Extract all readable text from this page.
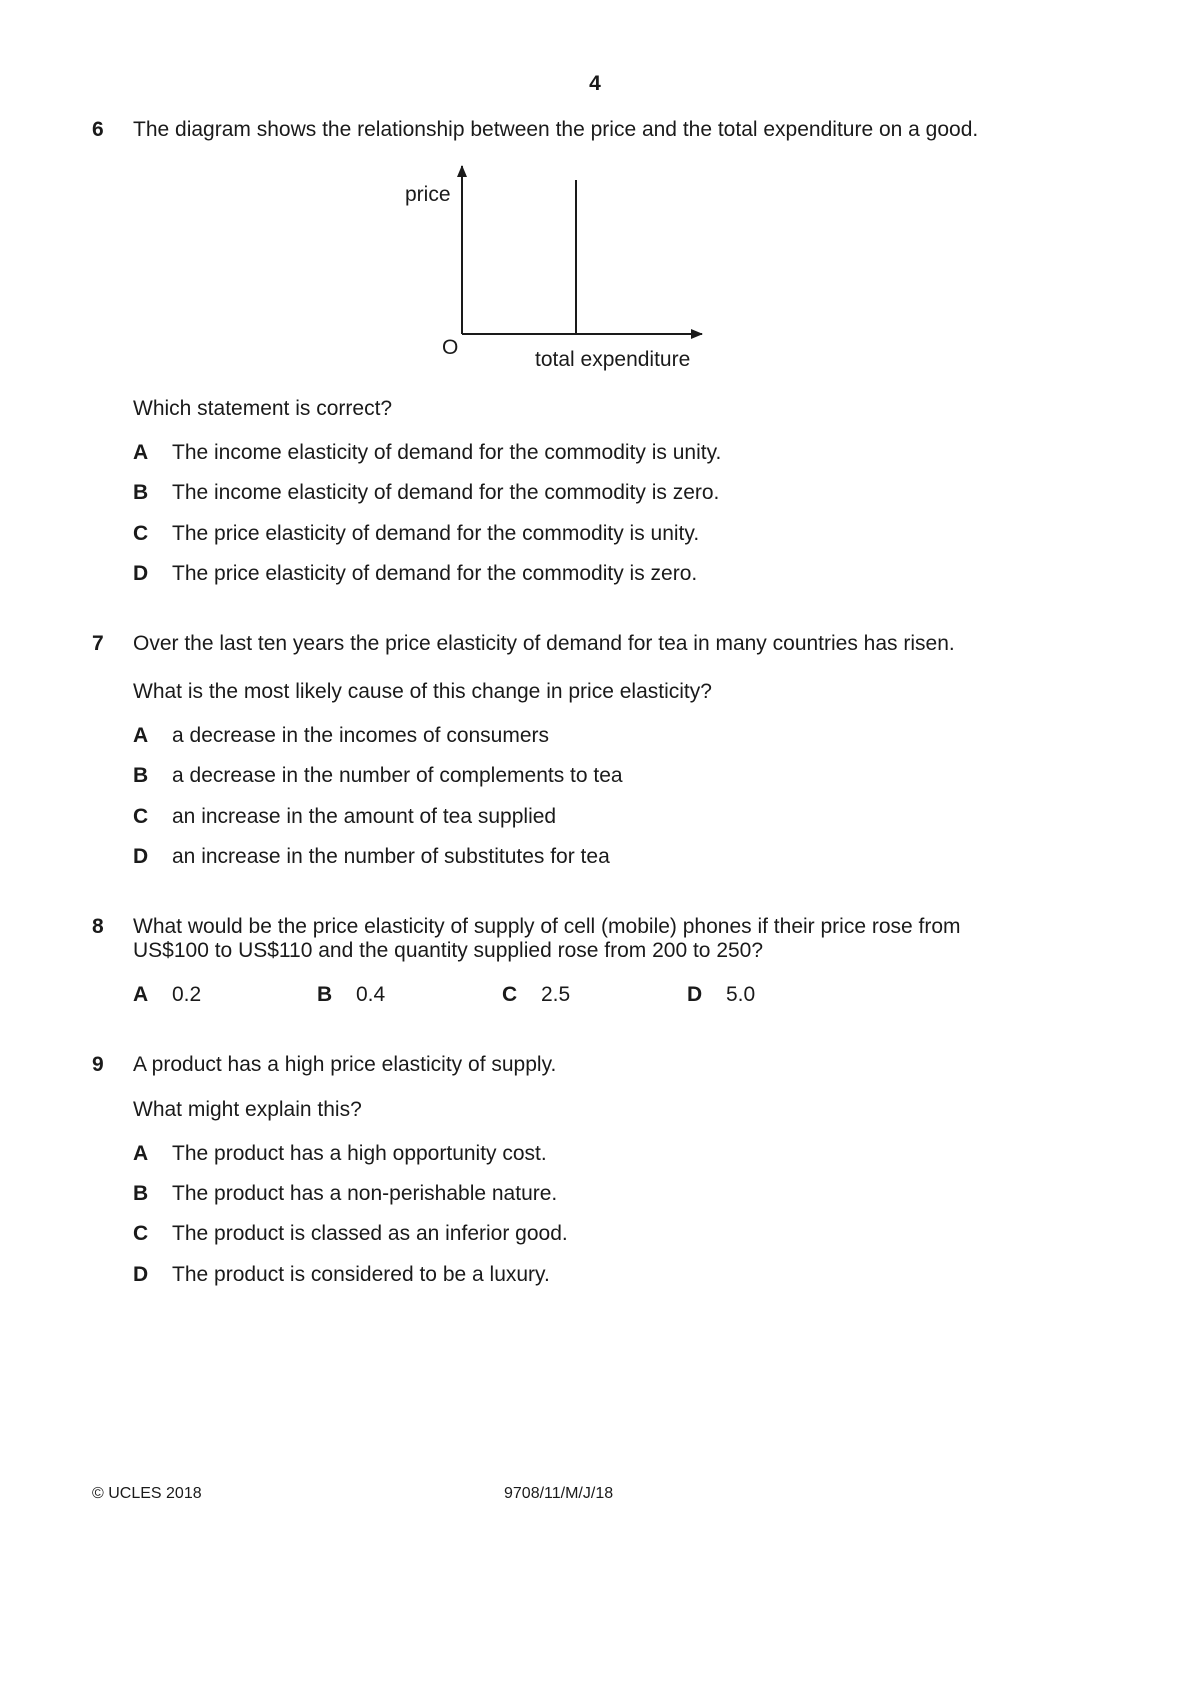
4
6 The diagram shows the relationship between the price and the total expenditure on a good.
price
O
total expenditure
Which statement is correct?
A The income elasticity of demand for the commodity is unity.
B The income elasticity of demand for the commodity is zero.
C The price elasticity of demand for the commodity is unity.
D The price elasticity of demand for the commodity is zero.
7 Over the last ten years the price elasticity of demand for tea in many countries has risen.
What is the most likely cause of this change in price elasticity?
A a decrease in the incomes of consumers
B a decrease in the number of complements to tea
C an increase in the amount of tea supplied
D an increase in the number of substitutes for tea
8 What would be the price elasticity of supply of cell (mobile) phones if their price rose from
US$100 to US$110 and the quantity supplied rose from 200 to 250?
A 0.2	B 0.4	C 2.5	D 5.0
9 A product has a high price elasticity of supply.
What might explain this?
A The product has a high opportunity cost.
B The product has a non-perishable nature.
C The product is classed as an inferior good.
D The product is considered to be a luxury.
© UCLES 2018	9708/11/M/J/18
